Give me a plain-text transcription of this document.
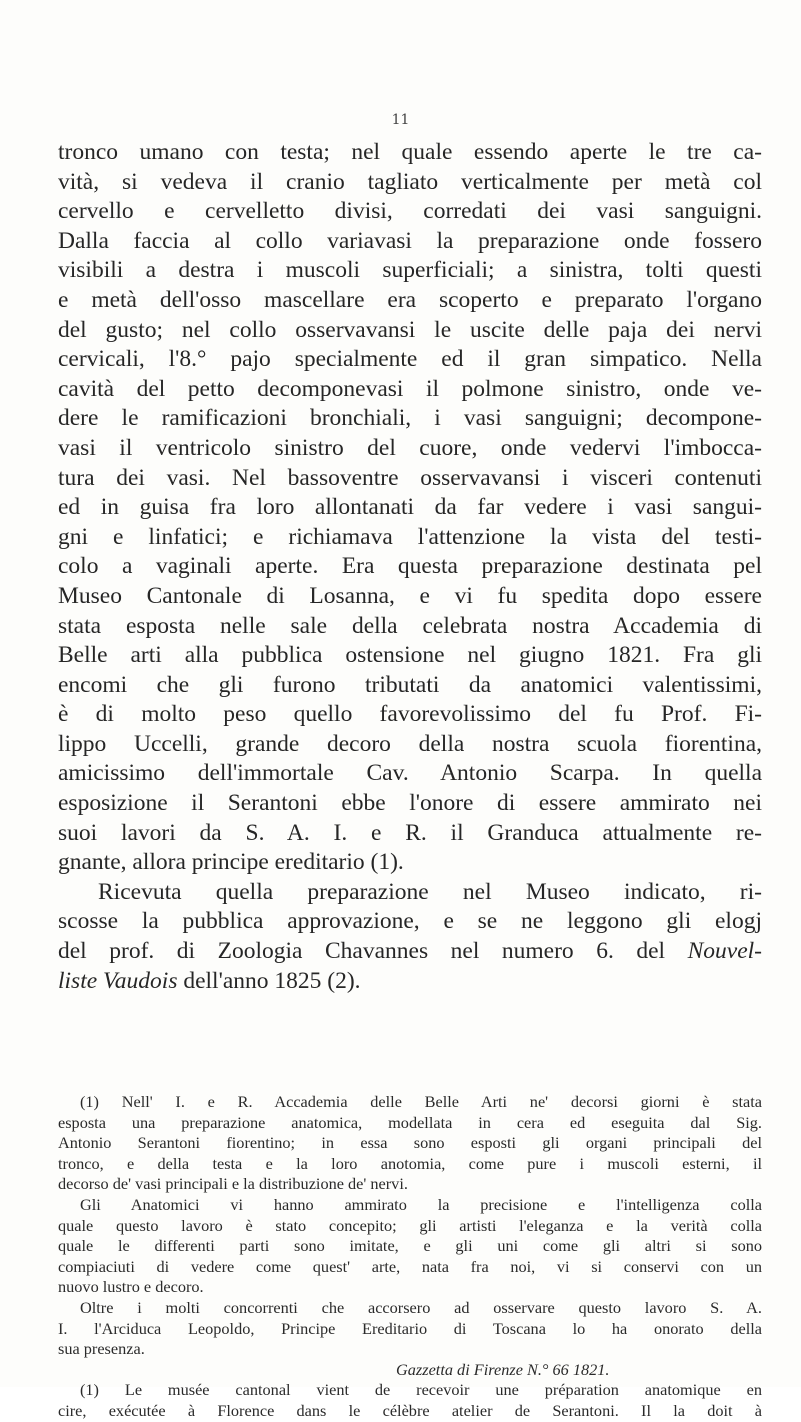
11
tronco umano con testa; nel quale essendo aperte le tre ca-
vità, si vedeva il cranio tagliato verticalmente per metà col
cervello e cervelletto divisi, corredati dei vasi sanguigni.
Dalla faccia al collo variavasi la preparazione onde fossero
visibili a destra i muscoli superficiali; a sinistra, tolti questi
e metà dell'osso mascellare era scoperto e preparato l'organo
del gusto; nel collo osservavansi le uscite delle paja dei nervi
cervicali, l'8.° pajo specialmente ed il gran simpatico. Nella
cavità del petto decomponevasi il polmone sinistro, onde ve-
dere le ramificazioni bronchiali, i vasi sanguigni; decompone-
vasi il ventricolo sinistro del cuore, onde vedervi l'imbocca-
tura dei vasi. Nel bassoventre osservavansi i visceri contenuti
ed in guisa fra loro allontanati da far vedere i vasi sangui-
gni e linfatici; e richiamava l'attenzione la vista del testi-
colo a vaginali aperte. Era questa preparazione destinata pel
Museo Cantonale di Losanna, e vi fu spedita dopo essere
stata esposta nelle sale della celebrata nostra Accademia di
Belle arti alla pubblica ostensione nel giugno 1821. Fra gli
encomi che gli furono tributati da anatomici valentissimi,
è di molto peso quello favorevolissimo del fu Prof. Fi-
lippo Uccelli, grande decoro della nostra scuola fiorentina,
amicissimo dell'immortale Cav. Antonio Scarpa. In quella
esposizione il Serantoni ebbe l'onore di essere ammirato nei
suoi lavori da S. A. I. e R. il Granduca attualmente re-
gnante, allora principe ereditario (1).
Ricevuta quella preparazione nel Museo indicato, ri-
scosse la pubblica approvazione, e se ne leggono gli elogj
del prof. di Zoologia Chavannes nel numero 6. del Nouvel-
liste Vaudois dell'anno 1825 (2).
(1) Nell' I. e R. Accademia delle Belle Arti ne' decorsi giorni è stata
esposta una preparazione anatomica, modellata in cera ed eseguita dal Sig.
Antonio Serantoni fiorentino; in essa sono esposti gli organi principali del
tronco, e della testa e la loro anotomia, come pure i muscoli esterni, il
decorso de' vasi principali e la distribuzione de' nervi.
Gli Anatomici vi hanno ammirato la precisione e l'intelligenza colla
quale questo lavoro è stato concepito; gli artisti l'eleganza e la verità colla
quale le differenti parti sono imitate, e gli uni come gli altri si sono
compiaciuti di vedere come quest' arte, nata fra noi, vi si conservi con un
nuovo lustro e decoro.
Oltre i molti concorrenti che accorsero ad osservare questo lavoro S. A.
I. l'Arciduca Leopoldo, Principe Ereditario di Toscana lo ha onorato della
sua presenza.
Gazzetta di Firenze N.° 66 1821.
(1) Le musée cantonal vient de recevoir une préparation anatomique en
cire, exécutée à Florence dans le célèbre atelier de Serantoni. Il la doit à
